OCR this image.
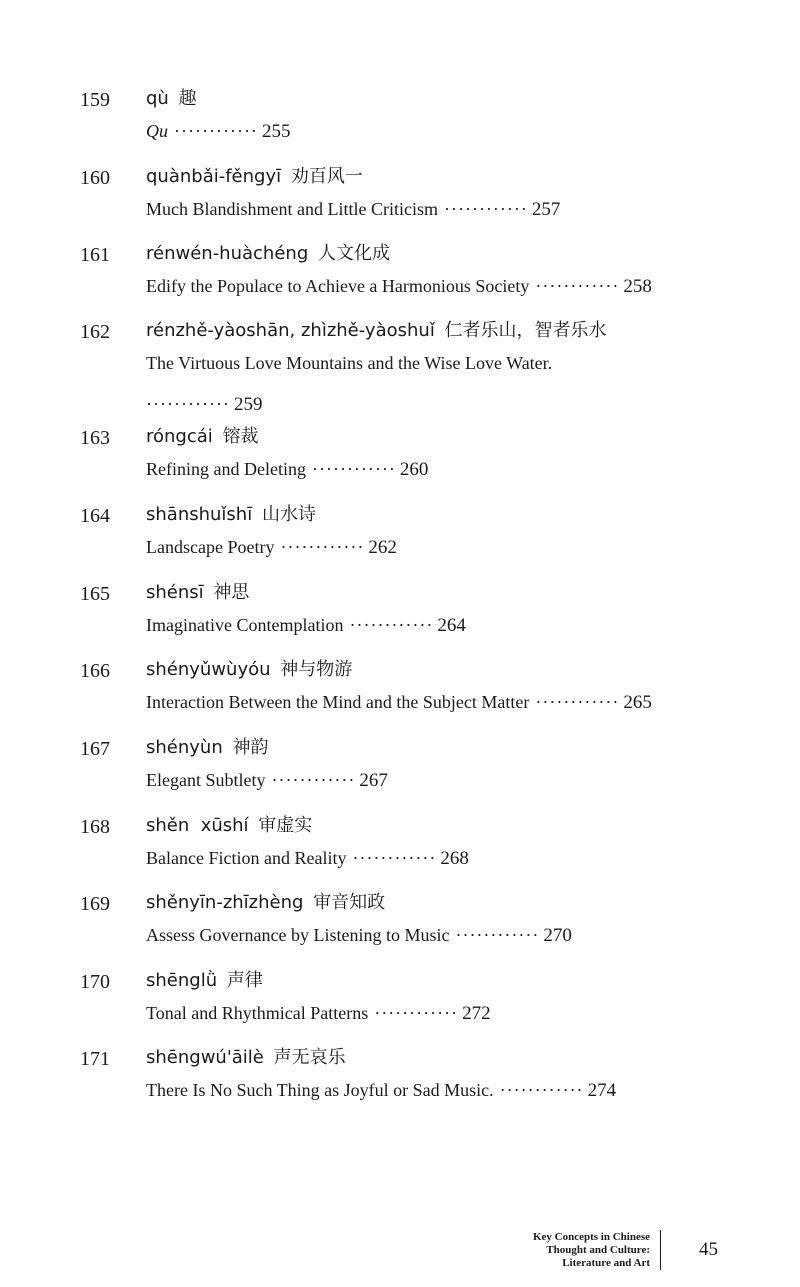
159 qù 趣
Qu ············ 255
160 quànbǎi-fěngyī 劝百风一
Much Blandishment and Little Criticism ············ 257
161 rénwén-huàchéng 人文化成
Edify the Populace to Achieve a Harmonious Society ············ 258
162 rénzhě-yàoshān, zhìzhě-yàoshuǐ 仁者乐山，智者乐水
The Virtuous Love Mountains and the Wise Love Water.
············ 259
163 róngcái 镕裁
Refining and Deleting ············ 260
164 shānshuǐshī 山水诗
Landscape Poetry ············ 262
165 shénsī 神思
Imaginative Contemplation ············ 264
166 shényǔwùyóu 神与物游
Interaction Between the Mind and the Subject Matter ············ 265
167 shényùn 神韵
Elegant Subtlety ············ 267
168 shěn  xūshí 审虚实
Balance Fiction and Reality ············ 268
169 shěnyīn-zhīzhèng 审音知政
Assess Governance by Listening to Music ············ 270
170 shēnglǜ 声律
Tonal and Rhythmical Patterns ············ 272
171 shēngwú'āilè 声无哀乐
There Is No Such Thing as Joyful or Sad Music. ············ 274
Key Concepts in Chinese
Thought and Culture:
Literature and Art
45
